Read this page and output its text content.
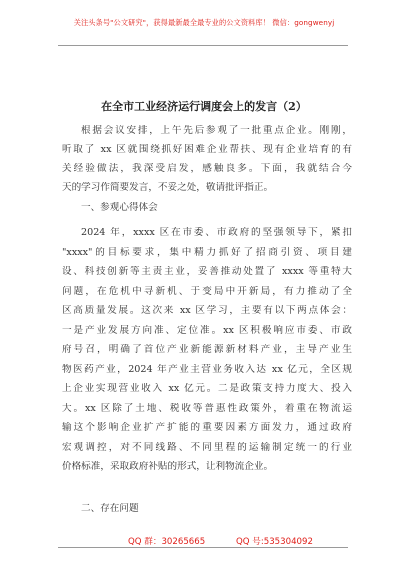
关注头条号"公文研究"，获得最新最全最专业的公文资料库！ 微信：gongwenyj
在全市工业经济运行调度会上的发言（2）
根据会议安排，上午先后参观了一批重点企业。刚刚，
听取了 xx 区就围绕抓好困难企业帮扶、现有企业培育的有
关经验做法，我深受启发，感触良多。下面，我就结合今
天的学习作简要发言，不妥之处，敬请批评指正。
一、参观心得体会
2024 年，xxxx 区在市委、市政府的坚强领导下，紧扣
"xxxx"的目标要求，集中精力抓好了招商引资、项目建
设、科技创新等主责主业，妥善推动处置了 xxxx 等重特大
问题，在危机中寻新机、于变局中开新局，有力推动了全
区高质量发展。这次来 xx 区学习，主要有以下两点体会：
一是产业发展方向准、定位准。xx 区积极响应市委、市政
府号召，明确了首位产业新能源新材料产业，主导产业生
物医药产业，2024 年产业主营业务收入达 xx 亿元，全区规
上企业实现营业收入 xx 亿元。二是政策支持力度大、投入
大。xx 区除了土地、税收等普惠性政策外，着重在物流运
输这个影响企业扩产扩能的重要因素方面发力，通过政府
宏观调控，对不同线路、不同里程的运输制定统一的行业
价格标准，采取政府补贴的形式，让利物流企业。
二、存在问题
QQ 群：30265665	QQ 号:535304092
